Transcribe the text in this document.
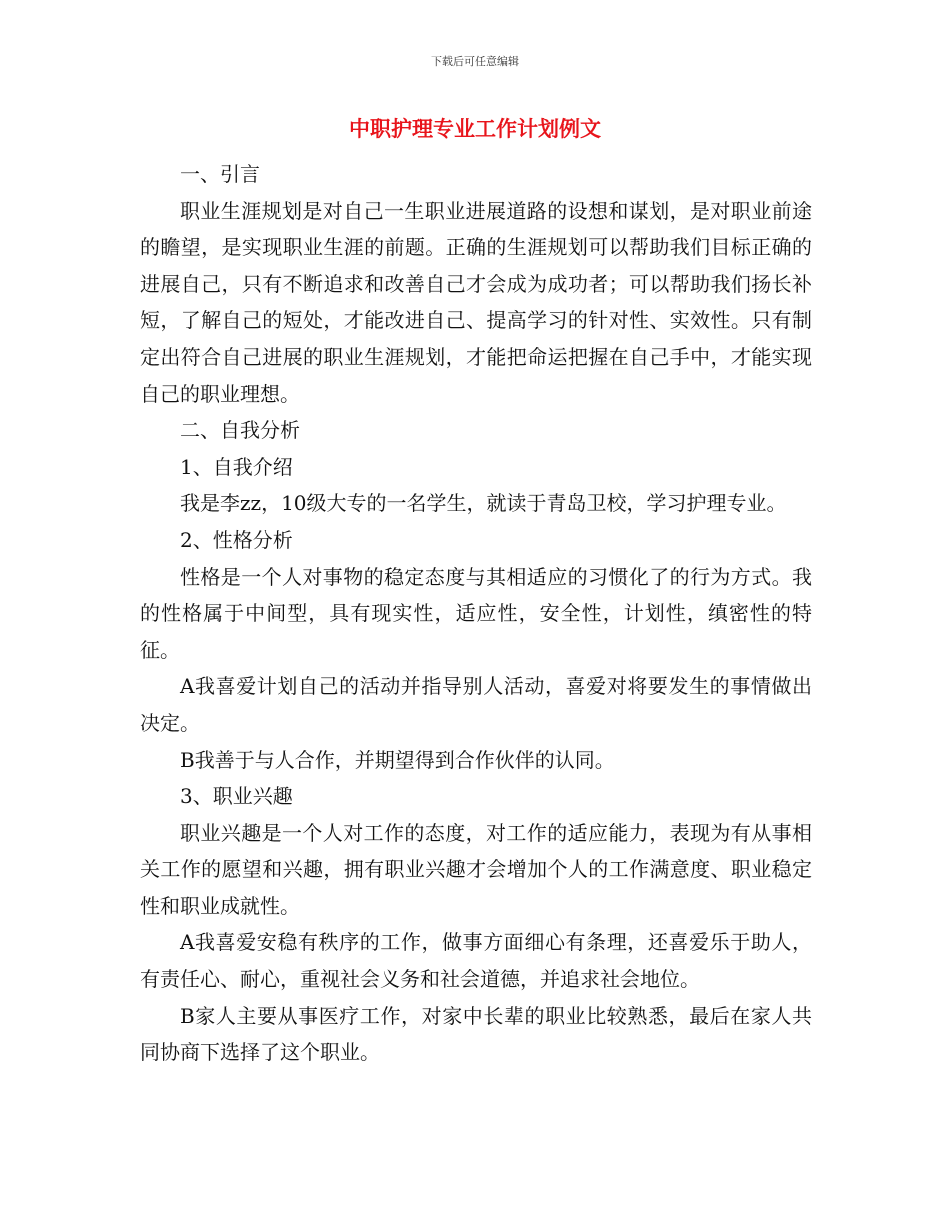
下载后可任意编辑
中职护理专业工作计划例文

一、引言

职业生涯规划是对自己一生职业进展道路的设想和谋划，是对职业前途的瞻望，是实现职业生涯的前题。正确的生涯规划可以帮助我们目标正确的进展自己，只有不断追求和改善自己才会成为成功者；可以帮助我们扬长补短，了解自己的短处，才能改进自己、提高学习的针对性、实效性。只有制定出符合自己进展的职业生涯规划，才能把命运把握在自己手中，才能实现自己的职业理想。

二、自我分析

1、自我介绍

我是李zz，10级大专的一名学生，就读于青岛卫校，学习护理专业。

2、性格分析

性格是一个人对事物的稳定态度与其相适应的习惯化了的行为方式。我的性格属于中间型，具有现实性，适应性，安全性，计划性，缜密性的特征。

A我喜爱计划自己的活动并指导别人活动，喜爱对将要发生的事情做出决定。

B我善于与人合作，并期望得到合作伙伴的认同。

3、职业兴趣

职业兴趣是一个人对工作的态度，对工作的适应能力，表现为有从事相关工作的愿望和兴趣，拥有职业兴趣才会增加个人的工作满意度、职业稳定性和职业成就性。

A我喜爱安稳有秩序的工作，做事方面细心有条理，还喜爱乐于助人，有责任心、耐心，重视社会义务和社会道德，并追求社会地位。

B家人主要从事医疗工作，对家中长辈的职业比较熟悉，最后在家人共同协商下选择了这个职业。
